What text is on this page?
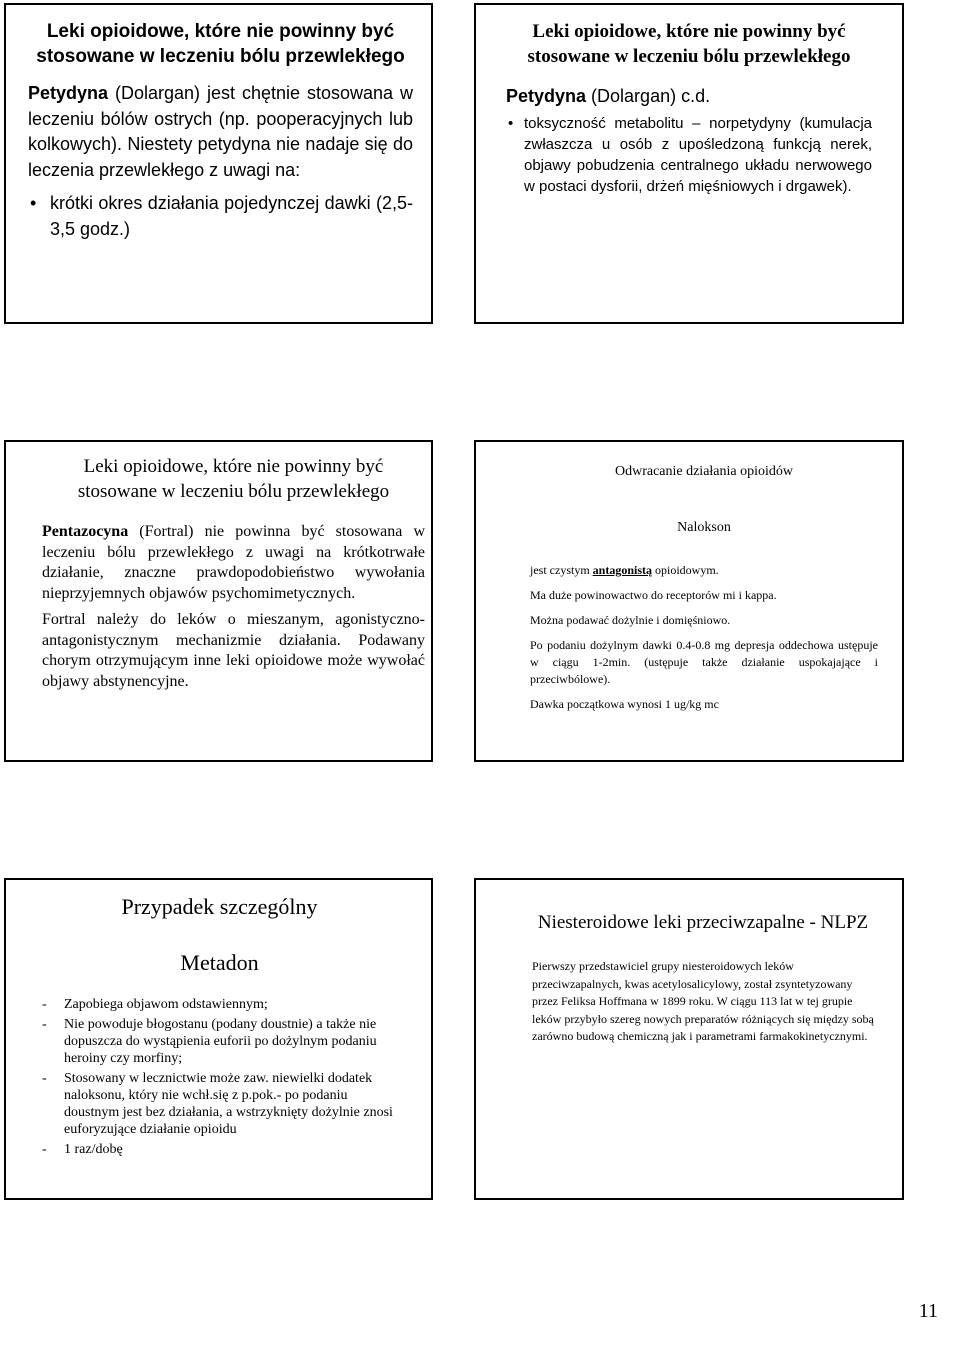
Leki opioidowe, które nie powinny być stosowane w leczeniu bólu przewlekłego

Petydyna (Dolargan) jest chętnie stosowana w leczeniu bólów ostrych (np. pooperacyjnych lub kolkowych). Niestety petydyna nie nadaje się do leczenia przewlekłego z uwagi na:

• krótki okres działania pojedynczej dawki (2,5-3,5 godz.)

Leki opioidowe, które nie powinny być stosowane w leczeniu bólu przewlekłego

Petydyna (Dolargan) c.d.

• toksyczność metabolitu – norpetydyny (kumulacja zwłaszcza u osób z upośledzoną funkcją nerek, objawy pobudzenia centralnego układu nerwowego w postaci dysforii, drżeń mięśniowych i drgawek).

Leki opioidowe, które nie powinny być stosowane w leczeniu bólu przewlekłego

Pentazocyna (Fortral) nie powinna być stosowana w leczeniu bólu przewlekłego z uwagi na krótkotrwałe działanie, znaczne prawdopodobieństwo wywołania nieprzyjemnych objawów psychomimetycznych.

Fortral należy do leków o mieszanym, agonistyczno-antagonistycznym mechanizmie działania. Podawany chorym otrzymującym inne leki opioidowe może wywołać objawy abstynencyjne.

Odwracanie działania opioidów

Nalokson

jest czystym antagonistą opioidowym.

Ma duże powinowactwo do receptorów mi i kappa.

Można podawać dożylnie i domięśniowo.

Po podaniu dożylnym dawki 0.4-0.8 mg depresja oddechowa ustępuje w ciągu 1-2min. (ustępuje także działanie uspokajające i przeciwbólowe).

Dawka początkowa wynosi 1 ug/kg mc

Przypadek szczególny

Metadon

- Zapobiega objawom odstawiennym;

- Nie powoduje błogostanu (podany doustnie) a także nie dopuszcza do wystąpienia euforii po dożylnym podaniu heroiny czy morfiny;

- Stosowany w lecznictwie może zaw. niewielki dodatek naloksonu, który nie wchł.się z p.pok.- po podaniu doustnym jest bez działania, a wstrzyknięty dożylnie znosi euforyzujące działanie opioidu

- 1 raz/dobę

Niesteroidowe leki przeciwzapalne - NLPZ

Pierwszy przedstawiciel grupy niesteroidowych leków przeciwzapalnych, kwas acetylosalicylowy, został zsyntetyzowany przez Feliksa Hoffmana w 1899 roku. W ciągu 113 lat w tej grupie leków przybyło szereg nowych preparatów różniących się między sobą zarówno budową chemiczną jak i parametrami farmakokinetycznymi.

11
